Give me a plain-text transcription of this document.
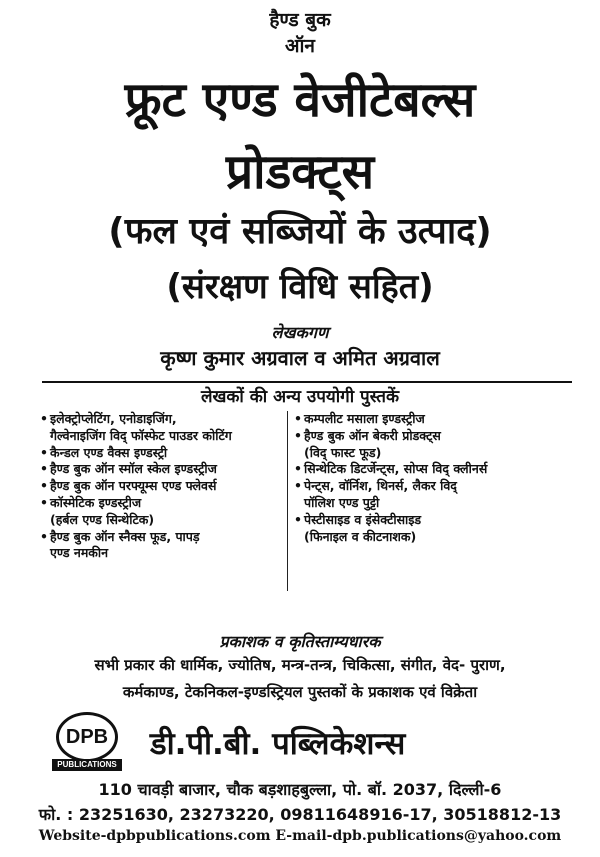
हैण्ड बुक
ऑन
फ्रूट एण्ड वेजीटेबल्स
प्रोडक्ट्स
(फल एवं सब्जियों के उत्पाद)
(संरक्षण विधि सहित)
लेखकगण
कृष्ण कुमार अग्रवाल व अमित अग्रवाल
लेखकों की अन्य उपयोगी पुस्तकें
• इलेक्ट्रोप्लेटिंग, एनोडाइजिंग,
गैल्वेनाइजिंग विद् फॉस्फेट पाउडर कोटिंग
• कैन्डल एण्ड वैक्स इण्डस्ट्री
• हैण्ड बुक ऑन स्मॉल स्केल इण्डस्ट्रीज
• हैण्ड बुक ऑन परफ्यूम्स एण्ड फ्लेवर्स
• कॉस्मेटिक इण्डस्ट्रीज
(हर्बल एण्ड सिन्थेटिक)
• हैण्ड बुक ऑन स्नैक्स फूड, पापड़
एण्ड नमकीन
• कम्पलीट मसाला इण्डस्ट्रीज
• हैण्ड बुक ऑन बेकरी प्रोडक्ट्स
(विद् फास्ट फूड)
• सिन्थेटिक डिटर्जेन्ट्स, सोप्स विद् क्लीनर्स
• पेन्ट्स, वॉर्निश, थिनर्स, लैकर विद्
पॉलिश एण्ड पुट्टी
• पेस्टीसाइड व इंसेक्टीसाइड
(फिनाइल व कीटनाशक)
प्रकाशक व कृतिस्ताम्यधारक
सभी प्रकार की धार्मिक, ज्योतिष, मन्त्र-तन्त्र, चिकित्सा, संगीत, वेद- पुराण,
कर्मकाण्ड, टेकनिकल-इण्डस्ट्रियल पुस्तकों के प्रकाशक एवं विक्रेता
DPB
PUBLICATIONS
डी.पी.बी. पब्लिकेशन्स
110 चावड़ी बाजार, चौक बड़शाहबुल्ला, पो. बॉ. 2037, दिल्ली-6
फो. : 23251630, 23273220, 09811648916-17, 30518812-13
Website-dpbpublications.com E-mail-dpb.publications@yahoo.com
